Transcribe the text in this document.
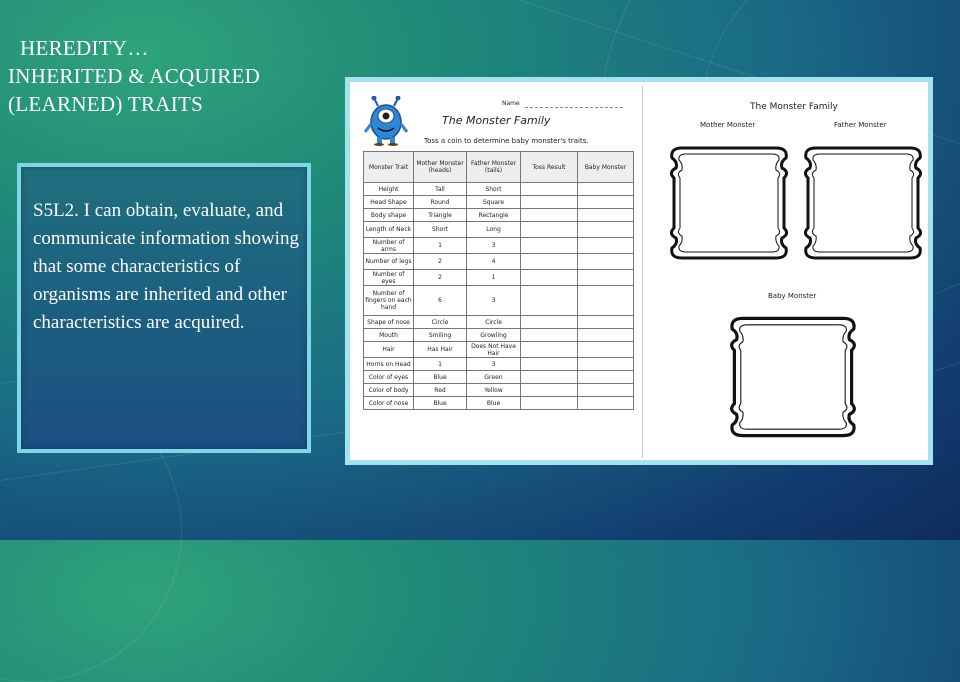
HEREDITY…
INHERITED & ACQUIRED
(LEARNED) TRAITS
S5L2. I can obtain, evaluate, and communicate information showing that some characteristics of organisms are inherited and other characteristics are acquired.
Name
The Monster Family
Toss a coin to determine baby monster's traits.
Monster Trait	Mother Monster (heads)	Father Monster (tails)	Toss Result	Baby Monster
Height	Tall	Short		
Head Shape	Round	Square		
Body shape	Triangle	Rectangle		
Length of Neck	Short	Long		
Number of arms	1	3		
Number of legs	2	4		
Number of eyes	2	1		
Number of fingers on each hand	6	3		
Shape of nose	Circle	Circle		
Mouth	Smiling	Growling		
Hair	Has Hair	Does Not Have Hair		
Horns on Head	1	3		
Color of eyes	Blue	Green		
Color of body	Red	Yellow		
Color of nose	Blue	Blue		
The Monster Family
Mother Monster	Father Monster
Baby Monster
